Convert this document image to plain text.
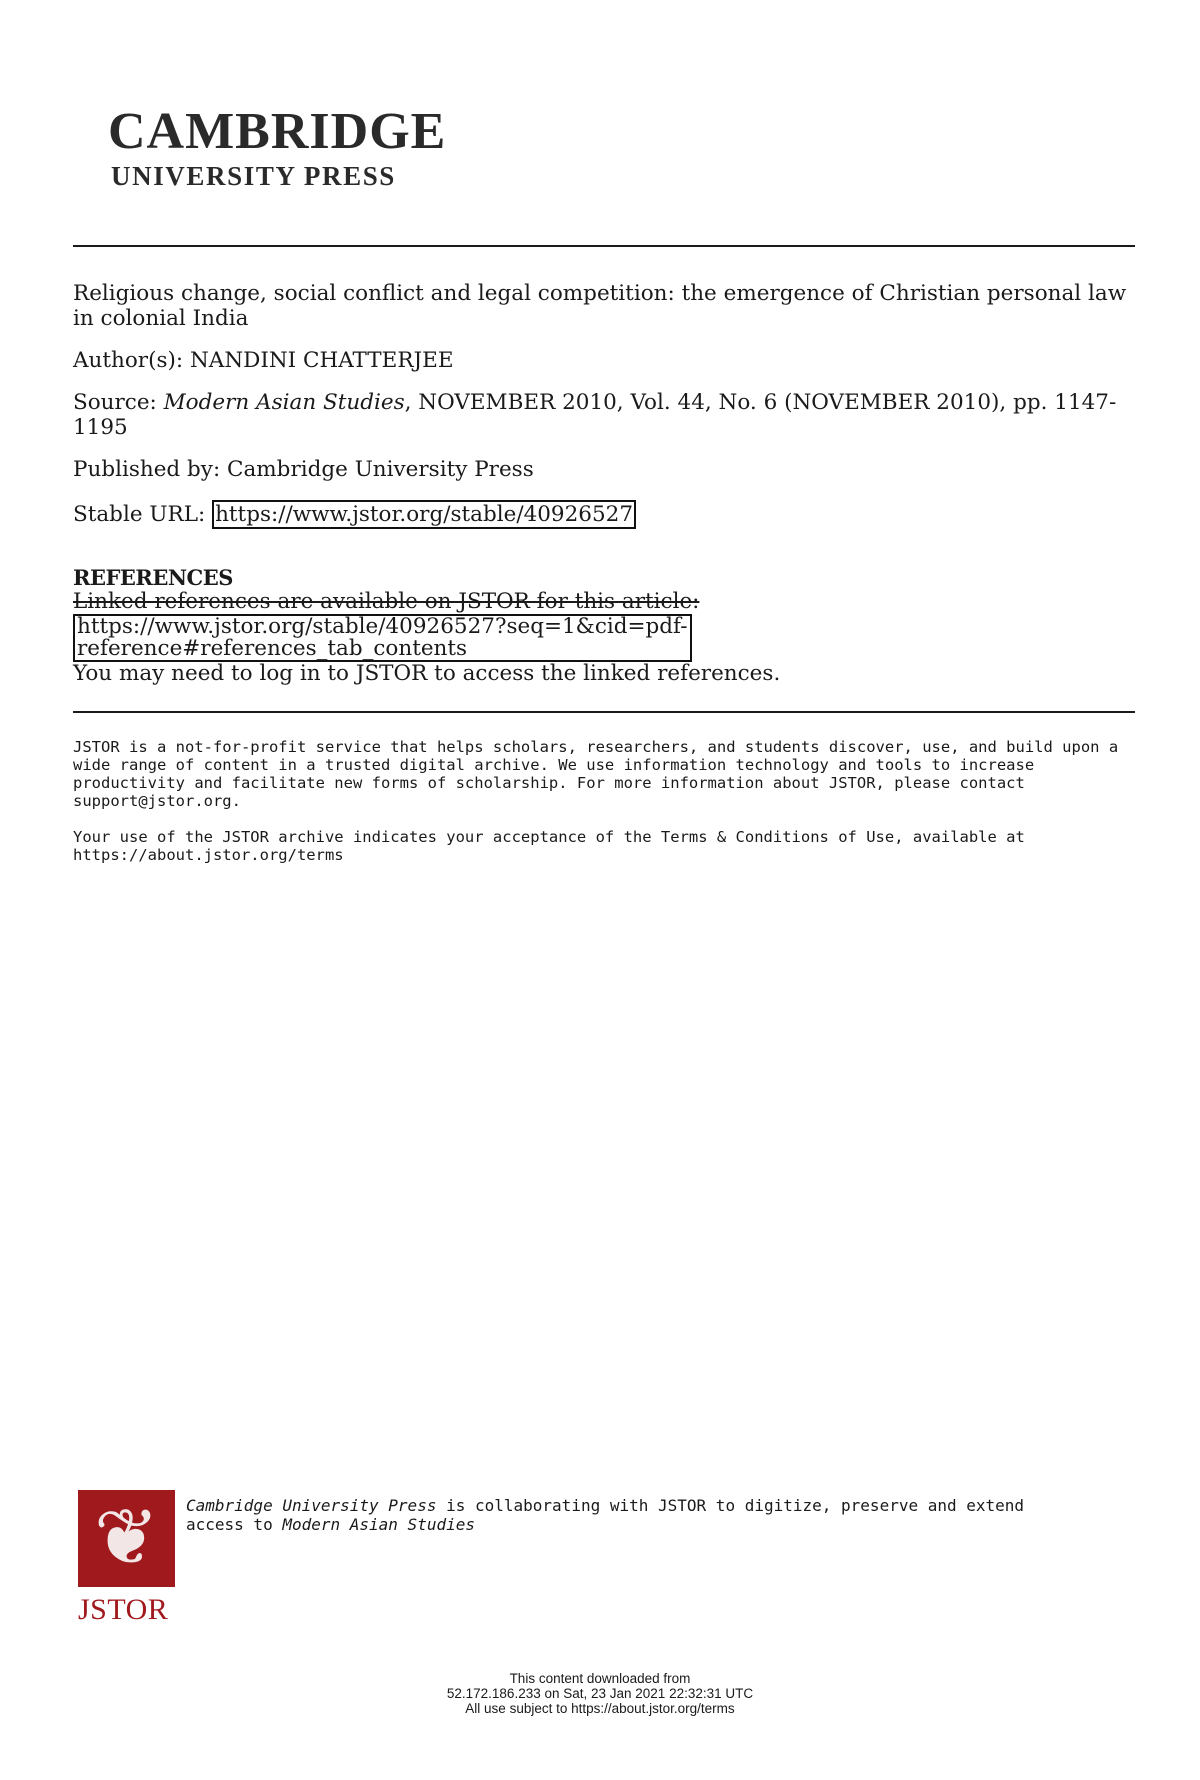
CAMBRIDGE
UNIVERSITY PRESS

Religious change, social conflict and legal competition: the emergence of Christian personal law in colonial India

Author(s): NANDINI CHATTERJEE

Source: Modern Asian Studies, NOVEMBER 2010, Vol. 44, No. 6 (NOVEMBER 2010), pp. 1147-1195

Published by: Cambridge University Press

Stable URL: https://www.jstor.org/stable/40926527

REFERENCES

Linked references are available on JSTOR for this article:

https://www.jstor.org/stable/40926527?seq=1&cid=pdf-
reference#references_tab_contents

You may need to log in to JSTOR to access the linked references.

JSTOR is a not-for-profit service that helps scholars, researchers, and students discover, use, and build upon a wide range of content in a trusted digital archive. We use information technology and tools to increase productivity and facilitate new forms of scholarship. For more information about JSTOR, please contact support@jstor.org.

Your use of the JSTOR archive indicates your acceptance of the Terms & Conditions of Use, available at https://about.jstor.org/terms

❦
JSTOR
Cambridge University Press is collaborating with JSTOR to digitize, preserve and extend access to Modern Asian Studies
This content downloaded from
52.172.186.233 on Sat, 23 Jan 2021 22:32:31 UTC
All use subject to https://about.jstor.org/terms
